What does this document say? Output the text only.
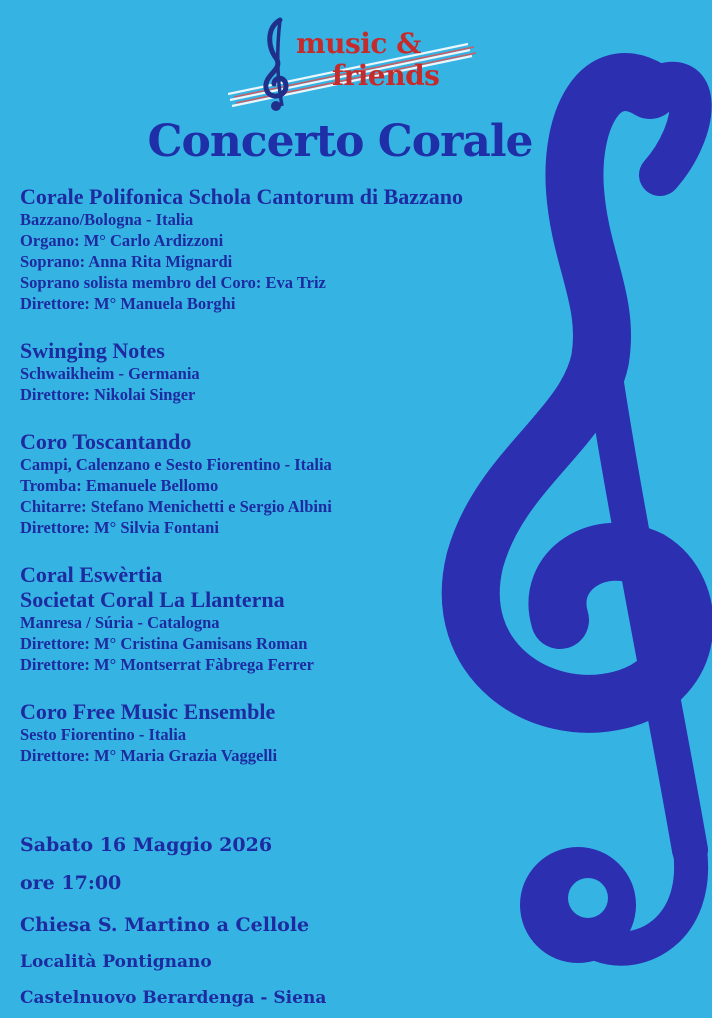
music &
friends
Concerto Corale
Corale Polifonica Schola Cantorum di Bazzano
Bazzano/Bologna - Italia
Organo: M° Carlo Ardizzoni
Soprano: Anna Rita Mignardi
Soprano solista membro del Coro: Eva Triz
Direttore: M° Manuela Borghi
Swinging Notes
Schwaikheim - Germania
Direttore: Nikolai Singer
Coro Toscantando
Campi, Calenzano e Sesto Fiorentino - Italia
Tromba: Emanuele Bellomo
Chitarre: Stefano Menichetti e Sergio Albini
Direttore: M° Silvia Fontani
Coral Eswèrtia
Societat Coral La Llanterna
Manresa / Súria - Catalogna
Direttore: M° Cristina Gamisans Roman
Direttore: M° Montserrat Fàbrega Ferrer
Coro Free Music Ensemble
Sesto Fiorentino - Italia
Direttore: M° Maria Grazia Vaggelli
Sabato 16 Maggio 2026
ore 17:00
Chiesa S. Martino a Cellole
Località Pontignano
Castelnuovo Berardenga - Siena
